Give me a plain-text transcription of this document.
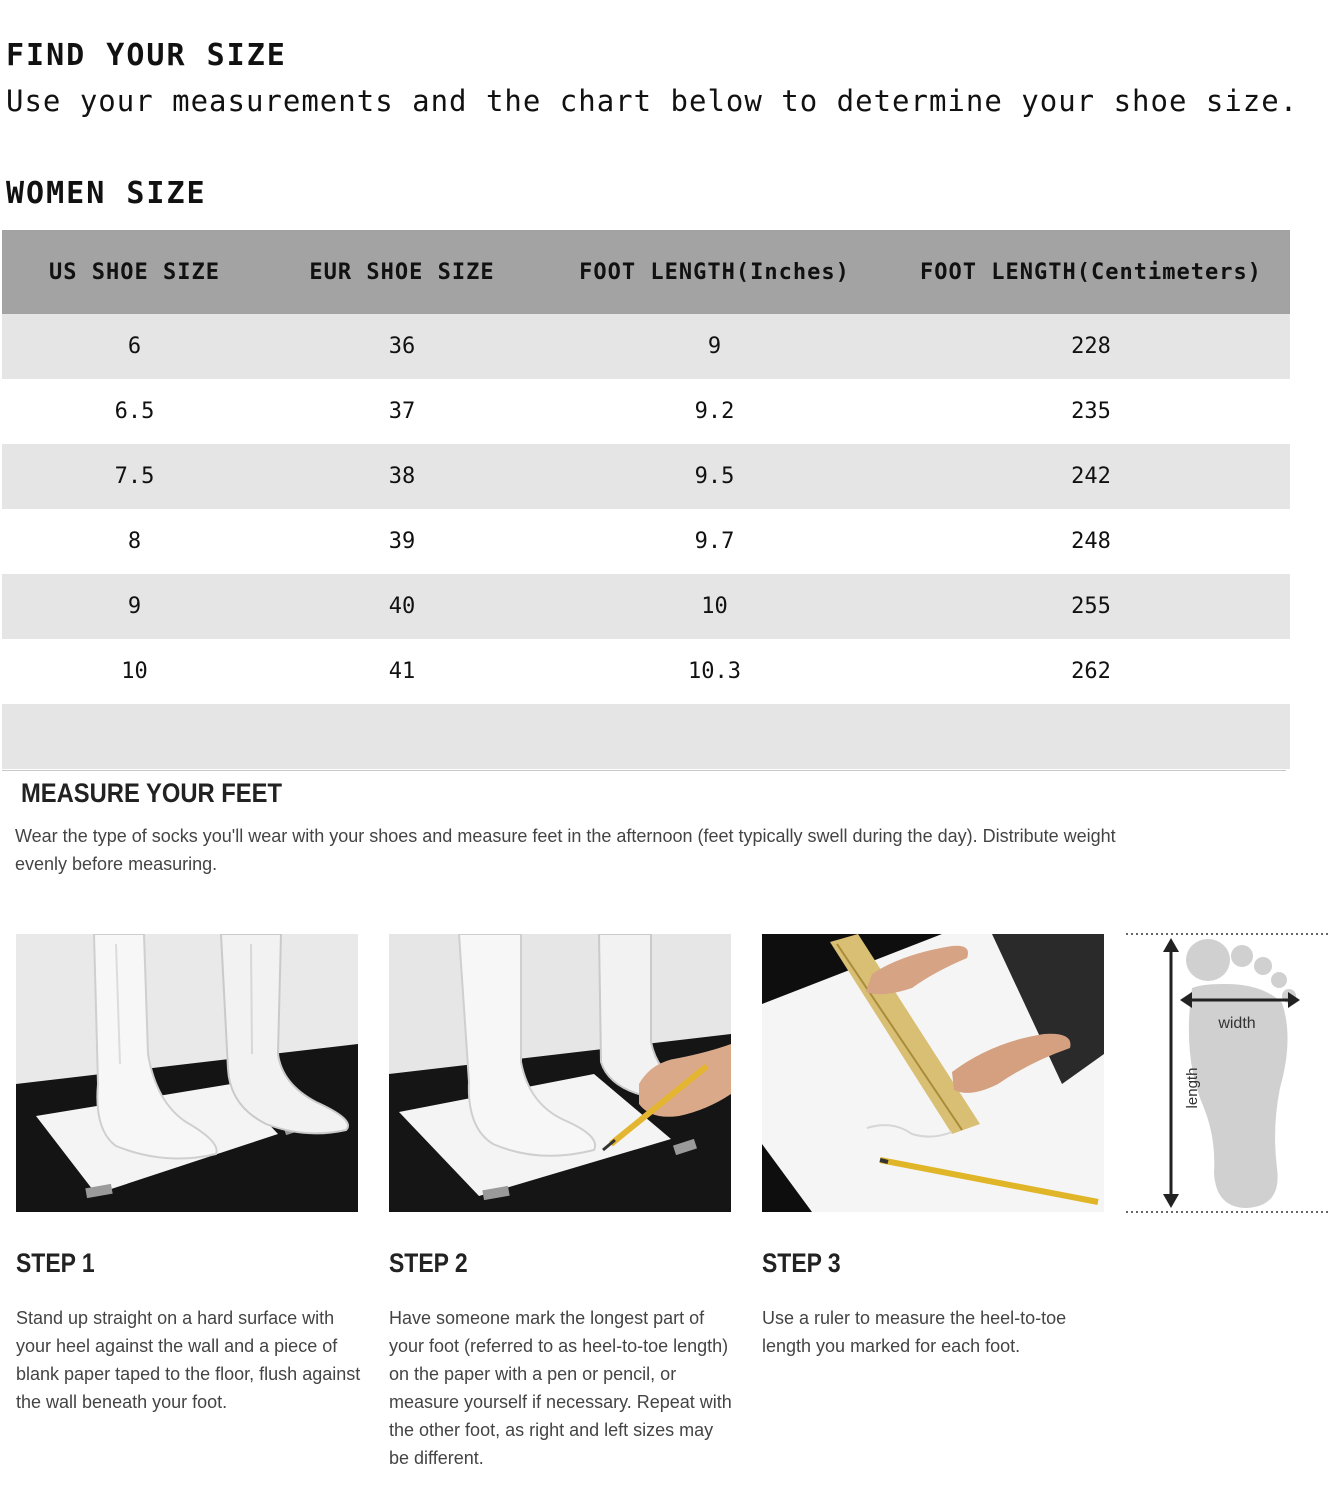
FIND YOUR SIZE
Use your measurements and the chart below to determine your shoe size.
WOMEN SIZE
US SHOE SIZE	EUR SHOE SIZE	FOOT LENGTH(Inches)	FOOT LENGTH(Centimeters)
6	36	9	228
6.5	37	9.2	235
7.5	38	9.5	242
8	39	9.7	248
9	40	10	255
10	41	10.3	262
MEASURE YOUR FEET
Wear the type of socks you'll wear with your shoes and measure feet in the afternoon (feet typically swell during the day). Distribute weight evenly before measuring.
width
length
STEP 1
Stand up straight on a hard surface with your heel against the wall and a piece of blank paper taped to the floor, flush against the wall beneath your foot.
STEP 2
Have someone mark the longest part of your foot (referred to as heel-to-toe length) on the paper with a pen or pencil, or measure yourself if necessary. Repeat with the other foot, as right and left sizes may be different.
STEP 3
Use a ruler to measure the heel-to-toe length you marked for each foot.
